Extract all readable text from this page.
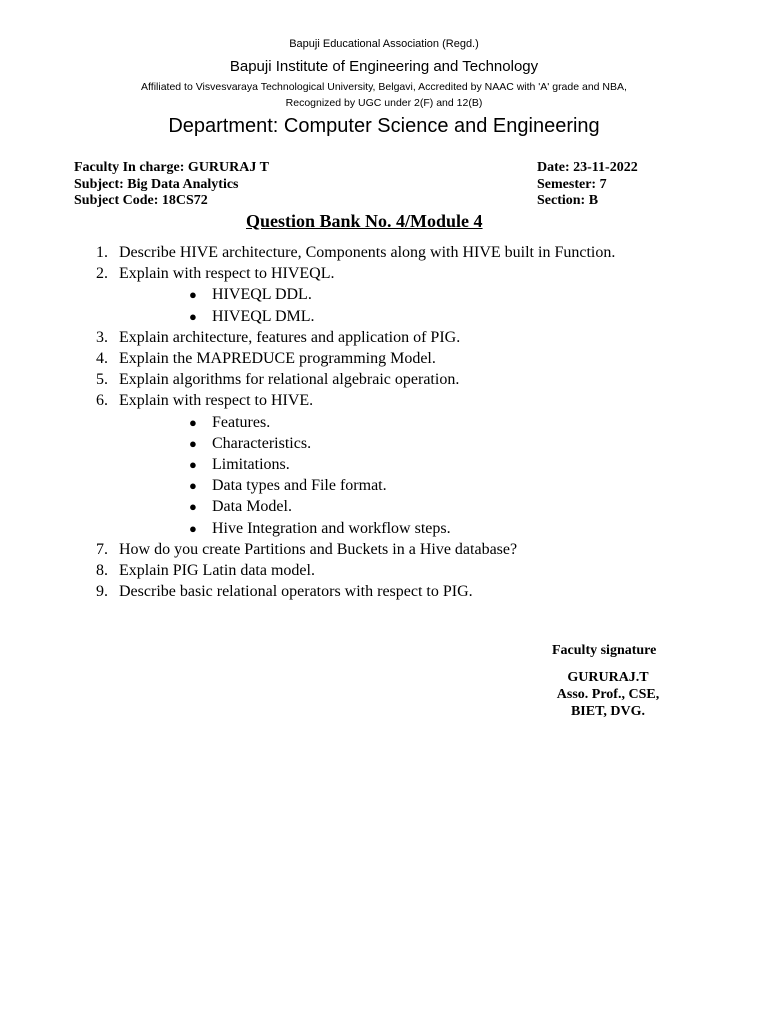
Bapuji Educational Association (Regd.)
Bapuji Institute of Engineering and Technology
Affiliated to Visvesvaraya Technological University, Belgavi, Accredited by NAAC with 'A' grade and NBA,
Recognized by UGC under 2(F) and 12(B)
Department: Computer Science and Engineering
Faculty In charge: GURURAJ T
Subject: Big Data Analytics
Subject Code: 18CS72
Date: 23-11-2022
Semester: 7
Section: B
Question Bank No. 4/Module 4
1. Describe HIVE architecture, Components along with HIVE built in Function.
2. Explain with respect to HIVEQL.
● HIVEQL DDL.
● HIVEQL DML.
3. Explain architecture, features and application of PIG.
4. Explain the MAPREDUCE programming Model.
5. Explain algorithms for relational algebraic operation.
6. Explain with respect to HIVE.
● Features.
● Characteristics.
● Limitations.
● Data types and File format.
● Data Model.
● Hive Integration and workflow steps.
7. How do you create Partitions and Buckets in a Hive database?
8. Explain PIG Latin data model.
9. Describe basic relational operators with respect to PIG.
Faculty signature
GURURAJ.T
Asso. Prof., CSE,
BIET, DVG.
